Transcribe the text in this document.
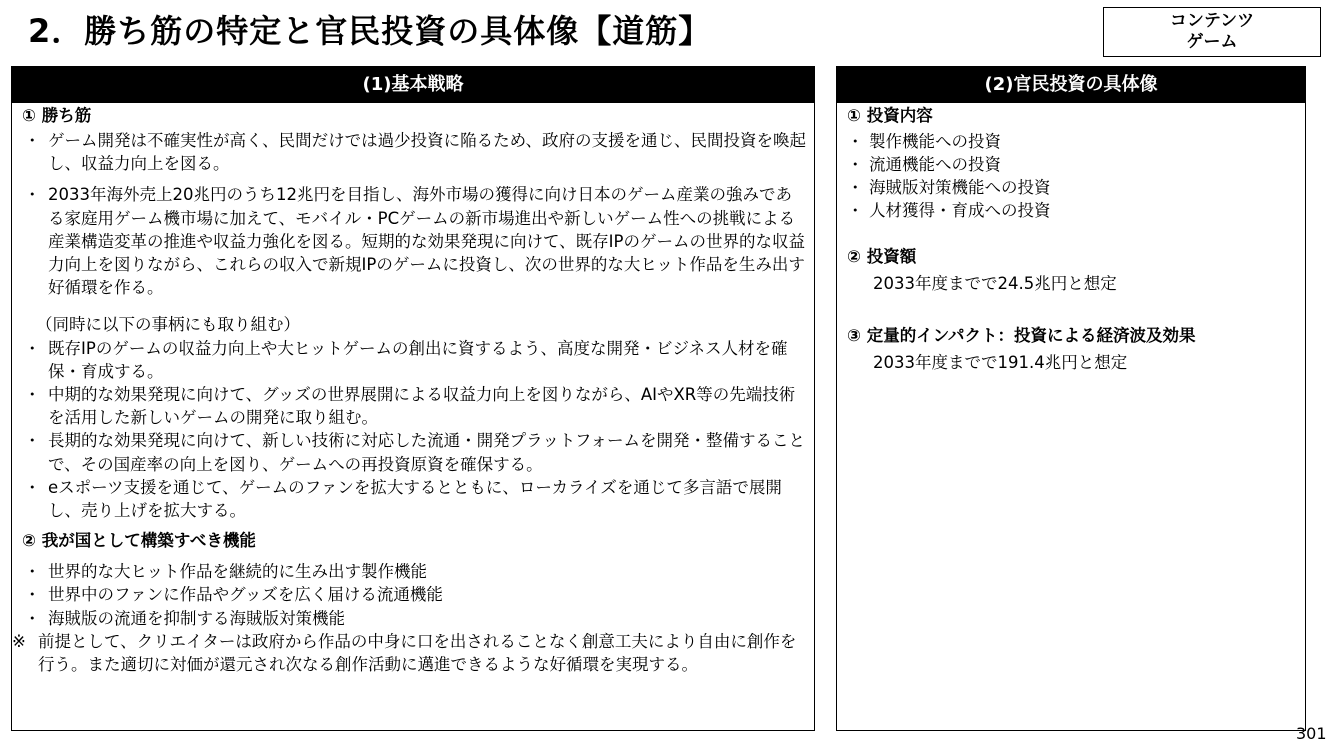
2．勝ち筋の特定と官民投資の具体像【道筋】	コンテンツ
ゲーム
(1)基本戦略
① 勝ち筋
・ ゲーム開発は不確実性が高く、民間だけでは過少投資に陥るため、政府の支援を通じ、民間投資を喚起し、収益力向上を図る。
・ 2033年海外売上20兆円のうち12兆円を目指し、海外市場の獲得に向け日本のゲーム産業の強みである家庭用ゲーム機市場に加えて、モバイル・PCゲームの新市場進出や新しいゲーム性への挑戦による産業構造変革の推進や収益力強化を図る。短期的な効果発現に向けて、既存IPのゲームの世界的な収益力向上を図りながら、これらの収入で新規IPのゲームに投資し、次の世界的な大ヒット作品を生み出す好循環を作る。
（同時に以下の事柄にも取り組む）
・ 既存IPのゲームの収益力向上や大ヒットゲームの創出に資するよう、高度な開発・ビジネス人材を確保・育成する。
・ 中期的な効果発現に向けて、グッズの世界展開による収益力向上を図りながら、AIやXR等の先端技術を活用した新しいゲームの開発に取り組む。
・ 長期的な効果発現に向けて、新しい技術に対応した流通・開発プラットフォームを開発・整備することで、その国産率の向上を図り、ゲームへの再投資原資を確保する。
・ eスポーツ支援を通じて、ゲームのファンを拡大するとともに、ローカライズを通じて多言語で展開し、売り上げを拡大する。
② 我が国として構築すべき機能
・ 世界的な大ヒット作品を継続的に生み出す製作機能
・ 世界中のファンに作品やグッズを広く届ける流通機能
・ 海賊版の流通を抑制する海賊版対策機能
※ 前提として、クリエイターは政府から作品の中身に口を出されることなく創意工夫により自由に創作を行う。また適切に対価が還元され次なる創作活動に邁進できるような好循環を実現する。
(2)官民投資の具体像
① 投資内容
・ 製作機能への投資
・ 流通機能への投資
・ 海賊版対策機能への投資
・ 人材獲得・育成への投資
② 投資額
2033年度までで24.5兆円と想定
③ 定量的インパクト：投資による経済波及効果
2033年度までで191.4兆円と想定
301
